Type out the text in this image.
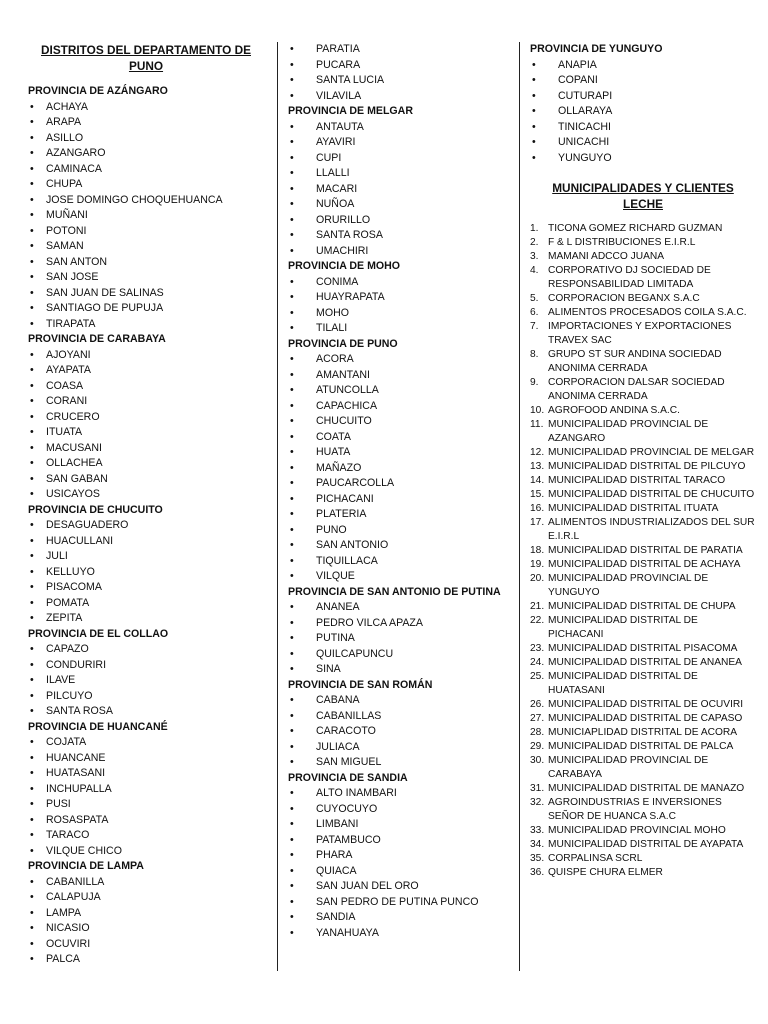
DISTRITOS DEL DEPARTAMENTO DE PUNO
PROVINCIA DE AZÁNGARO
• ACHAYA
• ARAPA
• ASILLO
• AZANGARO
• CAMINACA
• CHUPA
• JOSE DOMINGO CHOQUEHUANCA
• MUÑANI
• POTONI
• SAMAN
• SAN ANTON
• SAN JOSE
• SAN JUAN DE SALINAS
• SANTIAGO DE PUPUJA
• TIRAPATA
PROVINCIA DE CARABAYA
• AJOYANI
• AYAPATA
• COASA
• CORANI
• CRUCERO
• ITUATA
• MACUSANI
• OLLACHEA
• SAN GABAN
• USICAYOS
PROVINCIA DE CHUCUITO
• DESAGUADERO
• HUACULLANI
• JULI
• KELLUYO
• PISACOMA
• POMATA
• ZEPITA
PROVINCIA DE EL COLLAO
• CAPAZO
• CONDURIRI
• ILAVE
• PILCUYO
• SANTA ROSA
PROVINCIA DE HUANCANÉ
• COJATA
• HUANCANE
• HUATASANI
• INCHUPALLA
• PUSI
• ROSASPATA
• TARACO
• VILQUE CHICO
PROVINCIA DE LAMPA
• CABANILLA
• CALAPUJA
• LAMPA
• NICASIO
• OCUVIRI
• PALCA
• PARATIA
• PUCARA
• SANTA LUCIA
• VILAVILA
PROVINCIA DE MELGAR
• ANTAUTA
• AYAVIRI
• CUPI
• LLALLI
• MACARI
• NUÑOA
• ORURILLO
• SANTA ROSA
• UMACHIRI
PROVINCIA DE MOHO
• CONIMA
• HUAYRAPATA
• MOHO
• TILALI
PROVINCIA DE PUNO
• ACORA
• AMANTANI
• ATUNCOLLA
• CAPACHICA
• CHUCUITO
• COATA
• HUATA
• MAÑAZO
• PAUCARCOLLA
• PICHACANI
• PLATERIA
• PUNO
• SAN ANTONIO
• TIQUILLACA
• VILQUE
PROVINCIA DE SAN ANTONIO DE PUTINA
• ANANEA
• PEDRO VILCA APAZA
• PUTINA
• QUILCAPUNCU
• SINA
PROVINCIA DE SAN ROMÁN
• CABANA
• CABANILLAS
• CARACOTO
• JULIACA
• SAN MIGUEL
PROVINCIA DE SANDIA
• ALTO INAMBARI
• CUYOCUYO
• LIMBANI
• PATAMBUCO
• PHARA
• QUIACA
• SAN JUAN DEL ORO
• SAN PEDRO DE PUTINA PUNCO
• SANDIA
• YANAHUAYA
PROVINCIA DE YUNGUYO
• ANAPIA
• COPANI
• CUTURAPI
• OLLARAYA
• TINICACHI
• UNICACHI
• YUNGUYO
MUNICIPALIDADES Y CLIENTES LECHE
1. TICONA GOMEZ RICHARD GUZMAN
2. F & L DISTRIBUCIONES E.I.R.L
3. MAMANI ADCCO JUANA
4. CORPORATIVO DJ SOCIEDAD DE RESPONSABILIDAD LIMITADA
5. CORPORACION BEGANX S.A.C
6. ALIMENTOS PROCESADOS COILA S.A.C.
7. IMPORTACIONES Y EXPORTACIONES TRAVEX SAC
8. GRUPO ST SUR ANDINA SOCIEDAD ANONIMA CERRADA
9. CORPORACION DALSAR SOCIEDAD ANONIMA CERRADA
10. AGROFOOD ANDINA S.A.C.
11. MUNICIPALIDAD PROVINCIAL DE AZANGARO
12. MUNICIPALIDAD PROVINCIAL DE MELGAR
13. MUNICIPALIDAD DISTRITAL DE PILCUYO
14. MUNICIPALIDAD DISTRITAL TARACO
15. MUNICIPALIDAD DISTRITAL DE CHUCUITO
16. MUNICIPALIDAD DISTRITAL ITUATA
17. ALIMENTOS INDUSTRIALIZADOS DEL SUR E.I.R.L
18. MUNICIPALIDAD DISTRITAL DE PARATIA
19. MUNICIPALIDAD DISTRITAL DE ACHAYA
20. MUNICIPALIDAD PROVINCIAL DE YUNGUYO
21. MUNICIPALIDAD DISTRITAL DE CHUPA
22. MUNICIPALIDAD DISTRITAL DE PICHACANI
23. MUNICIPALIDAD DISTRITAL PISACOMA
24. MUNICIPALIDAD DISTRITAL DE ANANEA
25. MUNICIPALIDAD DISTRITAL DE HUATASANI
26. MUNICIPALIDAD DISTRITAL DE OCUVIRI
27. MUNICIPALIDAD DISTRITAL DE CAPASO
28. MUNICIAPLIDAD DISTRITAL DE ACORA
29. MUNICIPALIDAD DISTRITAL DE PALCA
30. MUNICIPALIDAD PROVINCIAL DE CARABAYA
31. MUNICIPALIDAD DISTRITAL DE MANAZO
32. AGROINDUSTRIAS E INVERSIONES SEÑOR DE HUANCA S.A.C
33. MUNICIPALIDAD PROVINCIAL MOHO
34. MUNICIPALIDAD DISTRITAL DE AYAPATA
35. CORPALINSA SCRL
36. QUISPE CHURA ELMER
